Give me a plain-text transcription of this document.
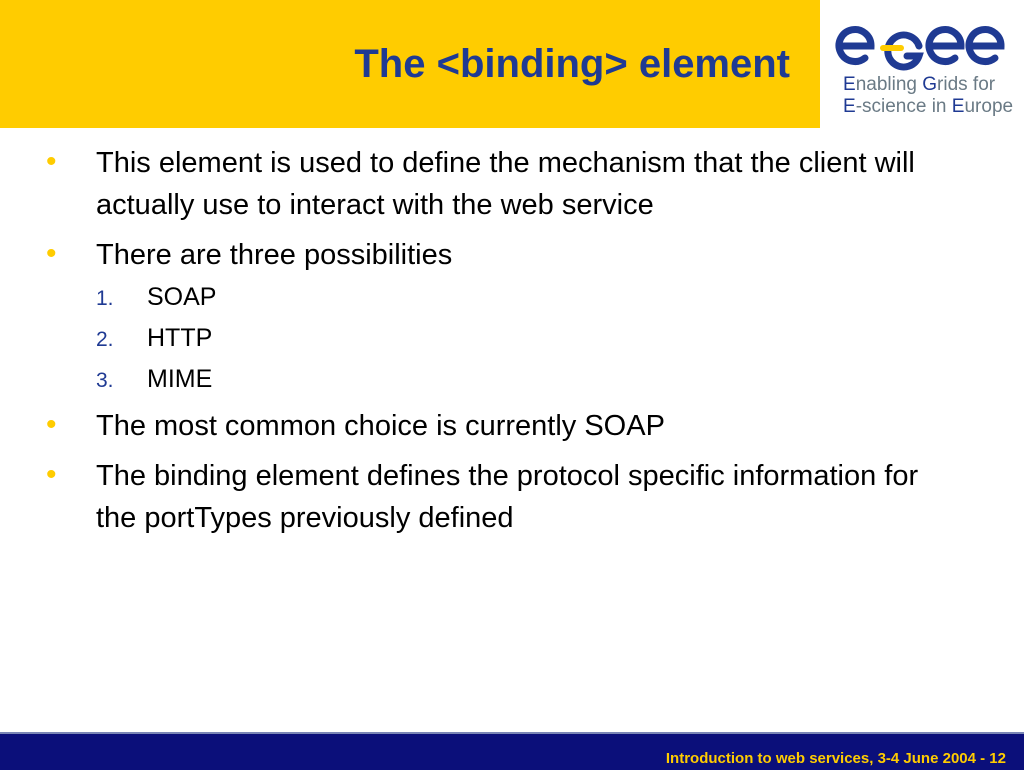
The <binding> element	Enabling Grids for
E-science in Europe
• This element is used to define the mechanism that the client will actually use to interact with the web service
• There are three possibilities
1. SOAP
2. HTTP
3. MIME
• The most common choice is currently SOAP
• The binding element defines the protocol specific information for the portTypes previously defined
Introduction to web services, 3-4 June 2004 - 12
